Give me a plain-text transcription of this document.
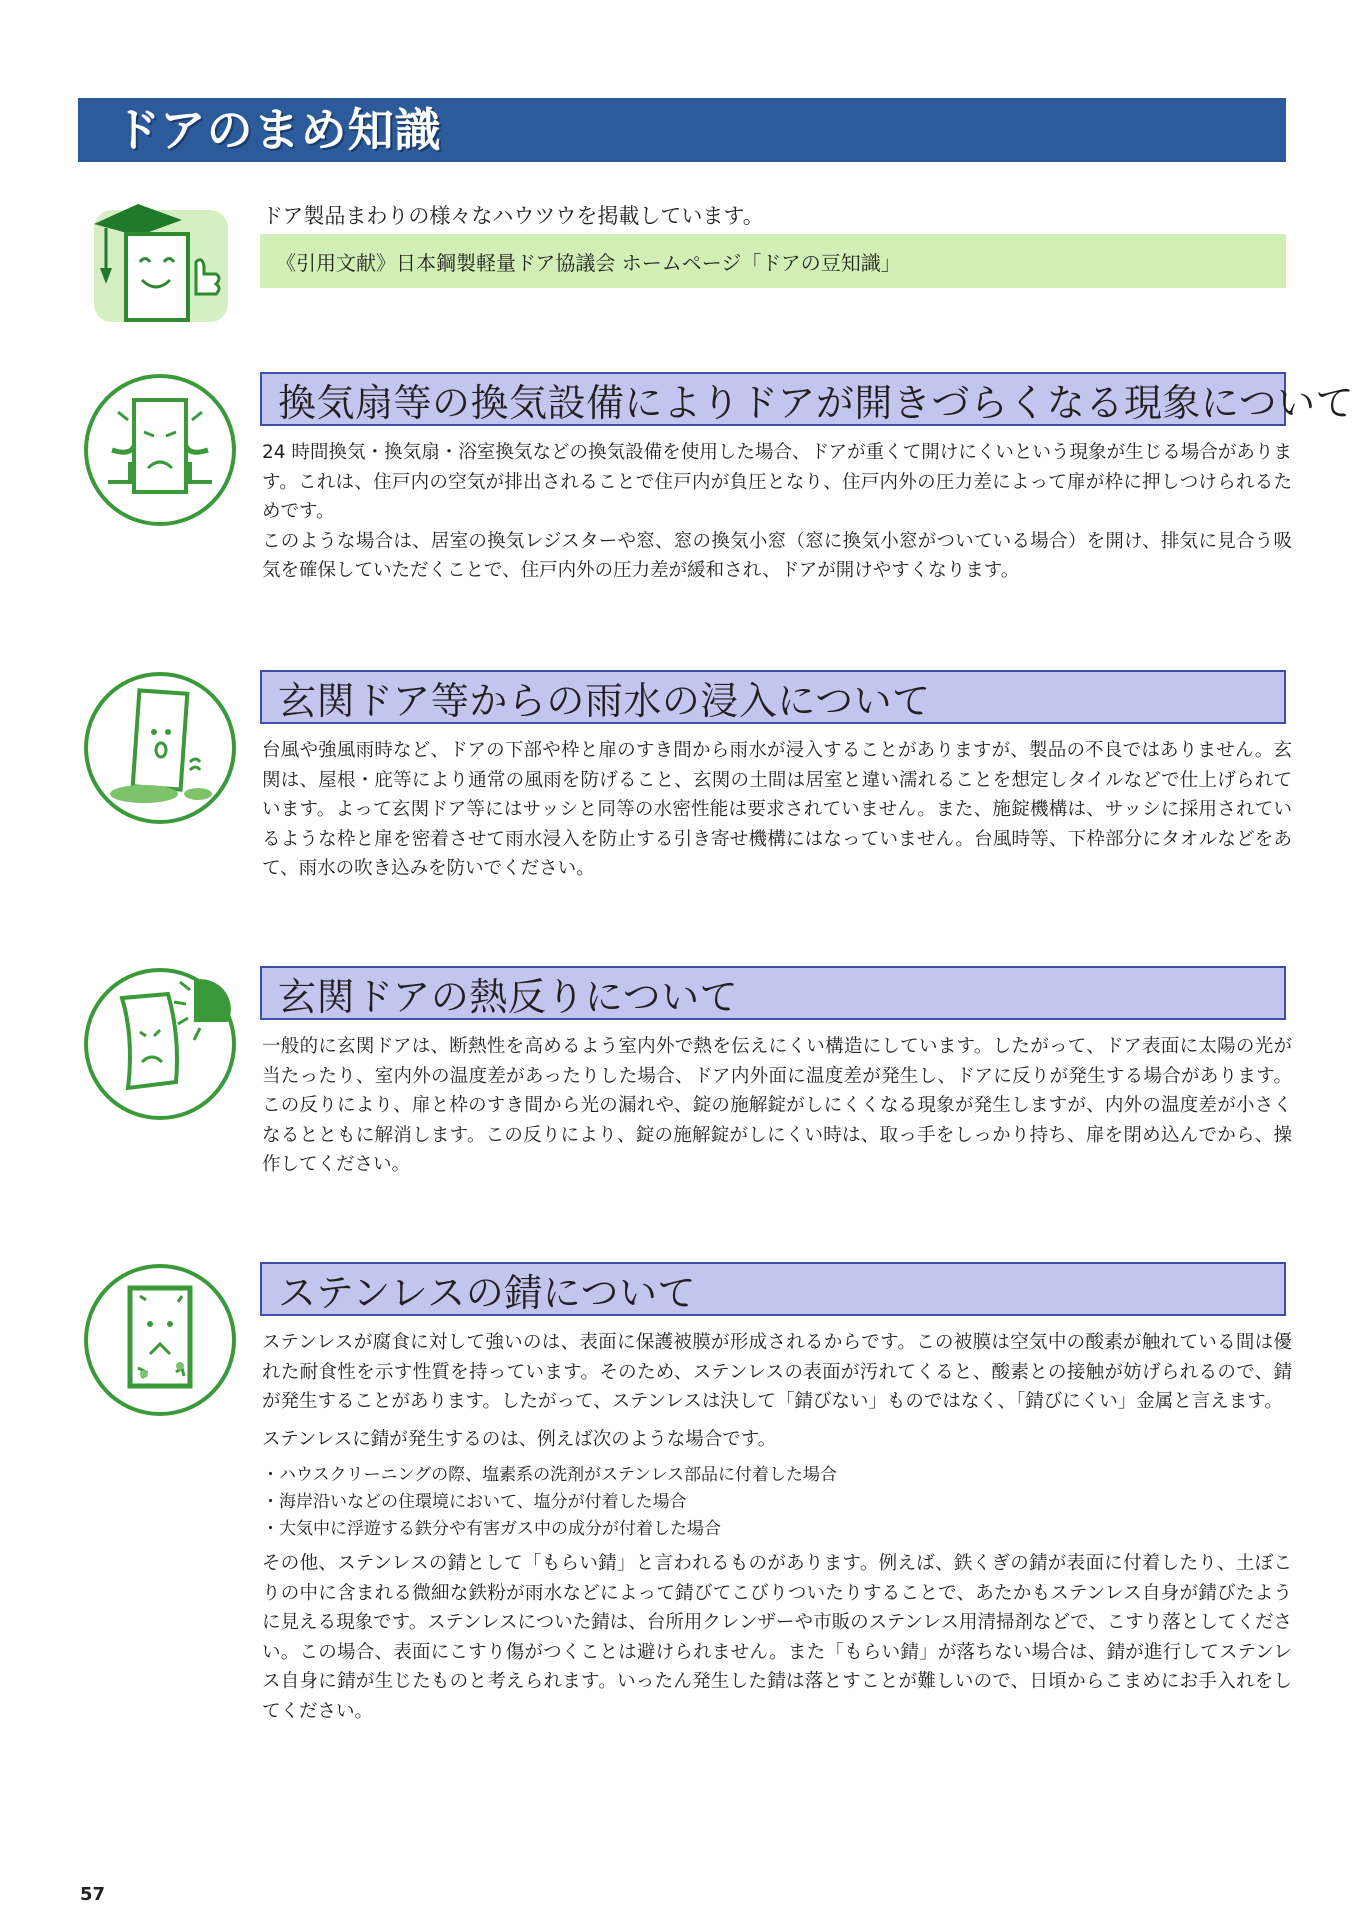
ドアのまめ知識
ドア製品まわりの様々なハウツウを掲載しています。
《引用文献》日本鋼製軽量ドア協議会 ホームページ「ドアの豆知識」
換気扇等の換気設備によりドアが開きづらくなる現象について

24 時間換気・換気扇・浴室換気などの換気設備を使用した場合、ドアが重くて開けにくいという現象が生じる場合があります。これは、住戸内の空気が排出されることで住戸内が負圧となり、住戸内外の圧力差によって扉が枠に押しつけられるためです。

このような場合は、居室の換気レジスターや窓、窓の換気小窓（窓に換気小窓がついている場合）を開け、排気に見合う吸気を確保していただくことで、住戸内外の圧力差が緩和され、ドアが開けやすくなります。

玄関ドア等からの雨水の浸入について

台風や強風雨時など、ドアの下部や枠と扉のすき間から雨水が浸入することがありますが、製品の不良ではありません。玄関は、屋根・庇等により通常の風雨を防げること、玄関の土間は居室と違い濡れることを想定しタイルなどで仕上げられています。よって玄関ドア等にはサッシと同等の水密性能は要求されていません。また、施錠機構は、サッシに採用されているような枠と扉を密着させて雨水浸入を防止する引き寄せ機構にはなっていません。台風時等、下枠部分にタオルなどをあて、雨水の吹き込みを防いでください。

玄関ドアの熱反りについて

一般的に玄関ドアは、断熱性を高めるよう室内外で熱を伝えにくい構造にしています。したがって、ドア表面に太陽の光が当たったり、室内外の温度差があったりした場合、ドア内外面に温度差が発生し、ドアに反りが発生する場合があります。この反りにより、扉と枠のすき間から光の漏れや、錠の施解錠がしにくくなる現象が発生しますが、内外の温度差が小さくなるとともに解消します。この反りにより、錠の施解錠がしにくい時は、取っ手をしっかり持ち、扉を閉め込んでから、操作してください。

ステンレスの錆について

ステンレスが腐食に対して強いのは、表面に保護被膜が形成されるからです。この被膜は空気中の酸素が触れている間は優れた耐食性を示す性質を持っています。そのため、ステンレスの表面が汚れてくると、酸素との接触が妨げられるので、錆が発生することがあります。したがって、ステンレスは決して「錆びない」ものではなく、「錆びにくい」金属と言えます。

ステンレスに錆が発生するのは、例えば次のような場合です。

・ハウスクリーニングの際、塩素系の洗剤がステンレス部品に付着した場合
・海岸沿いなどの住環境において、塩分が付着した場合
・大気中に浮遊する鉄分や有害ガス中の成分が付着した場合

その他、ステンレスの錆として「もらい錆」と言われるものがあります。例えば、鉄くぎの錆が表面に付着したり、土ぼこりの中に含まれる微細な鉄粉が雨水などによって錆びてこびりついたりすることで、あたかもステンレス自身が錆びたように見える現象です。ステンレスについた錆は、台所用クレンザーや市販のステンレス用清掃剤などで、こすり落としてください。この場合、表面にこすり傷がつくことは避けられません。また「もらい錆」が落ちない場合は、錆が進行してステンレス自身に錆が生じたものと考えられます。いったん発生した錆は落とすことが難しいので、日頃からこまめにお手入れをしてください。

57
